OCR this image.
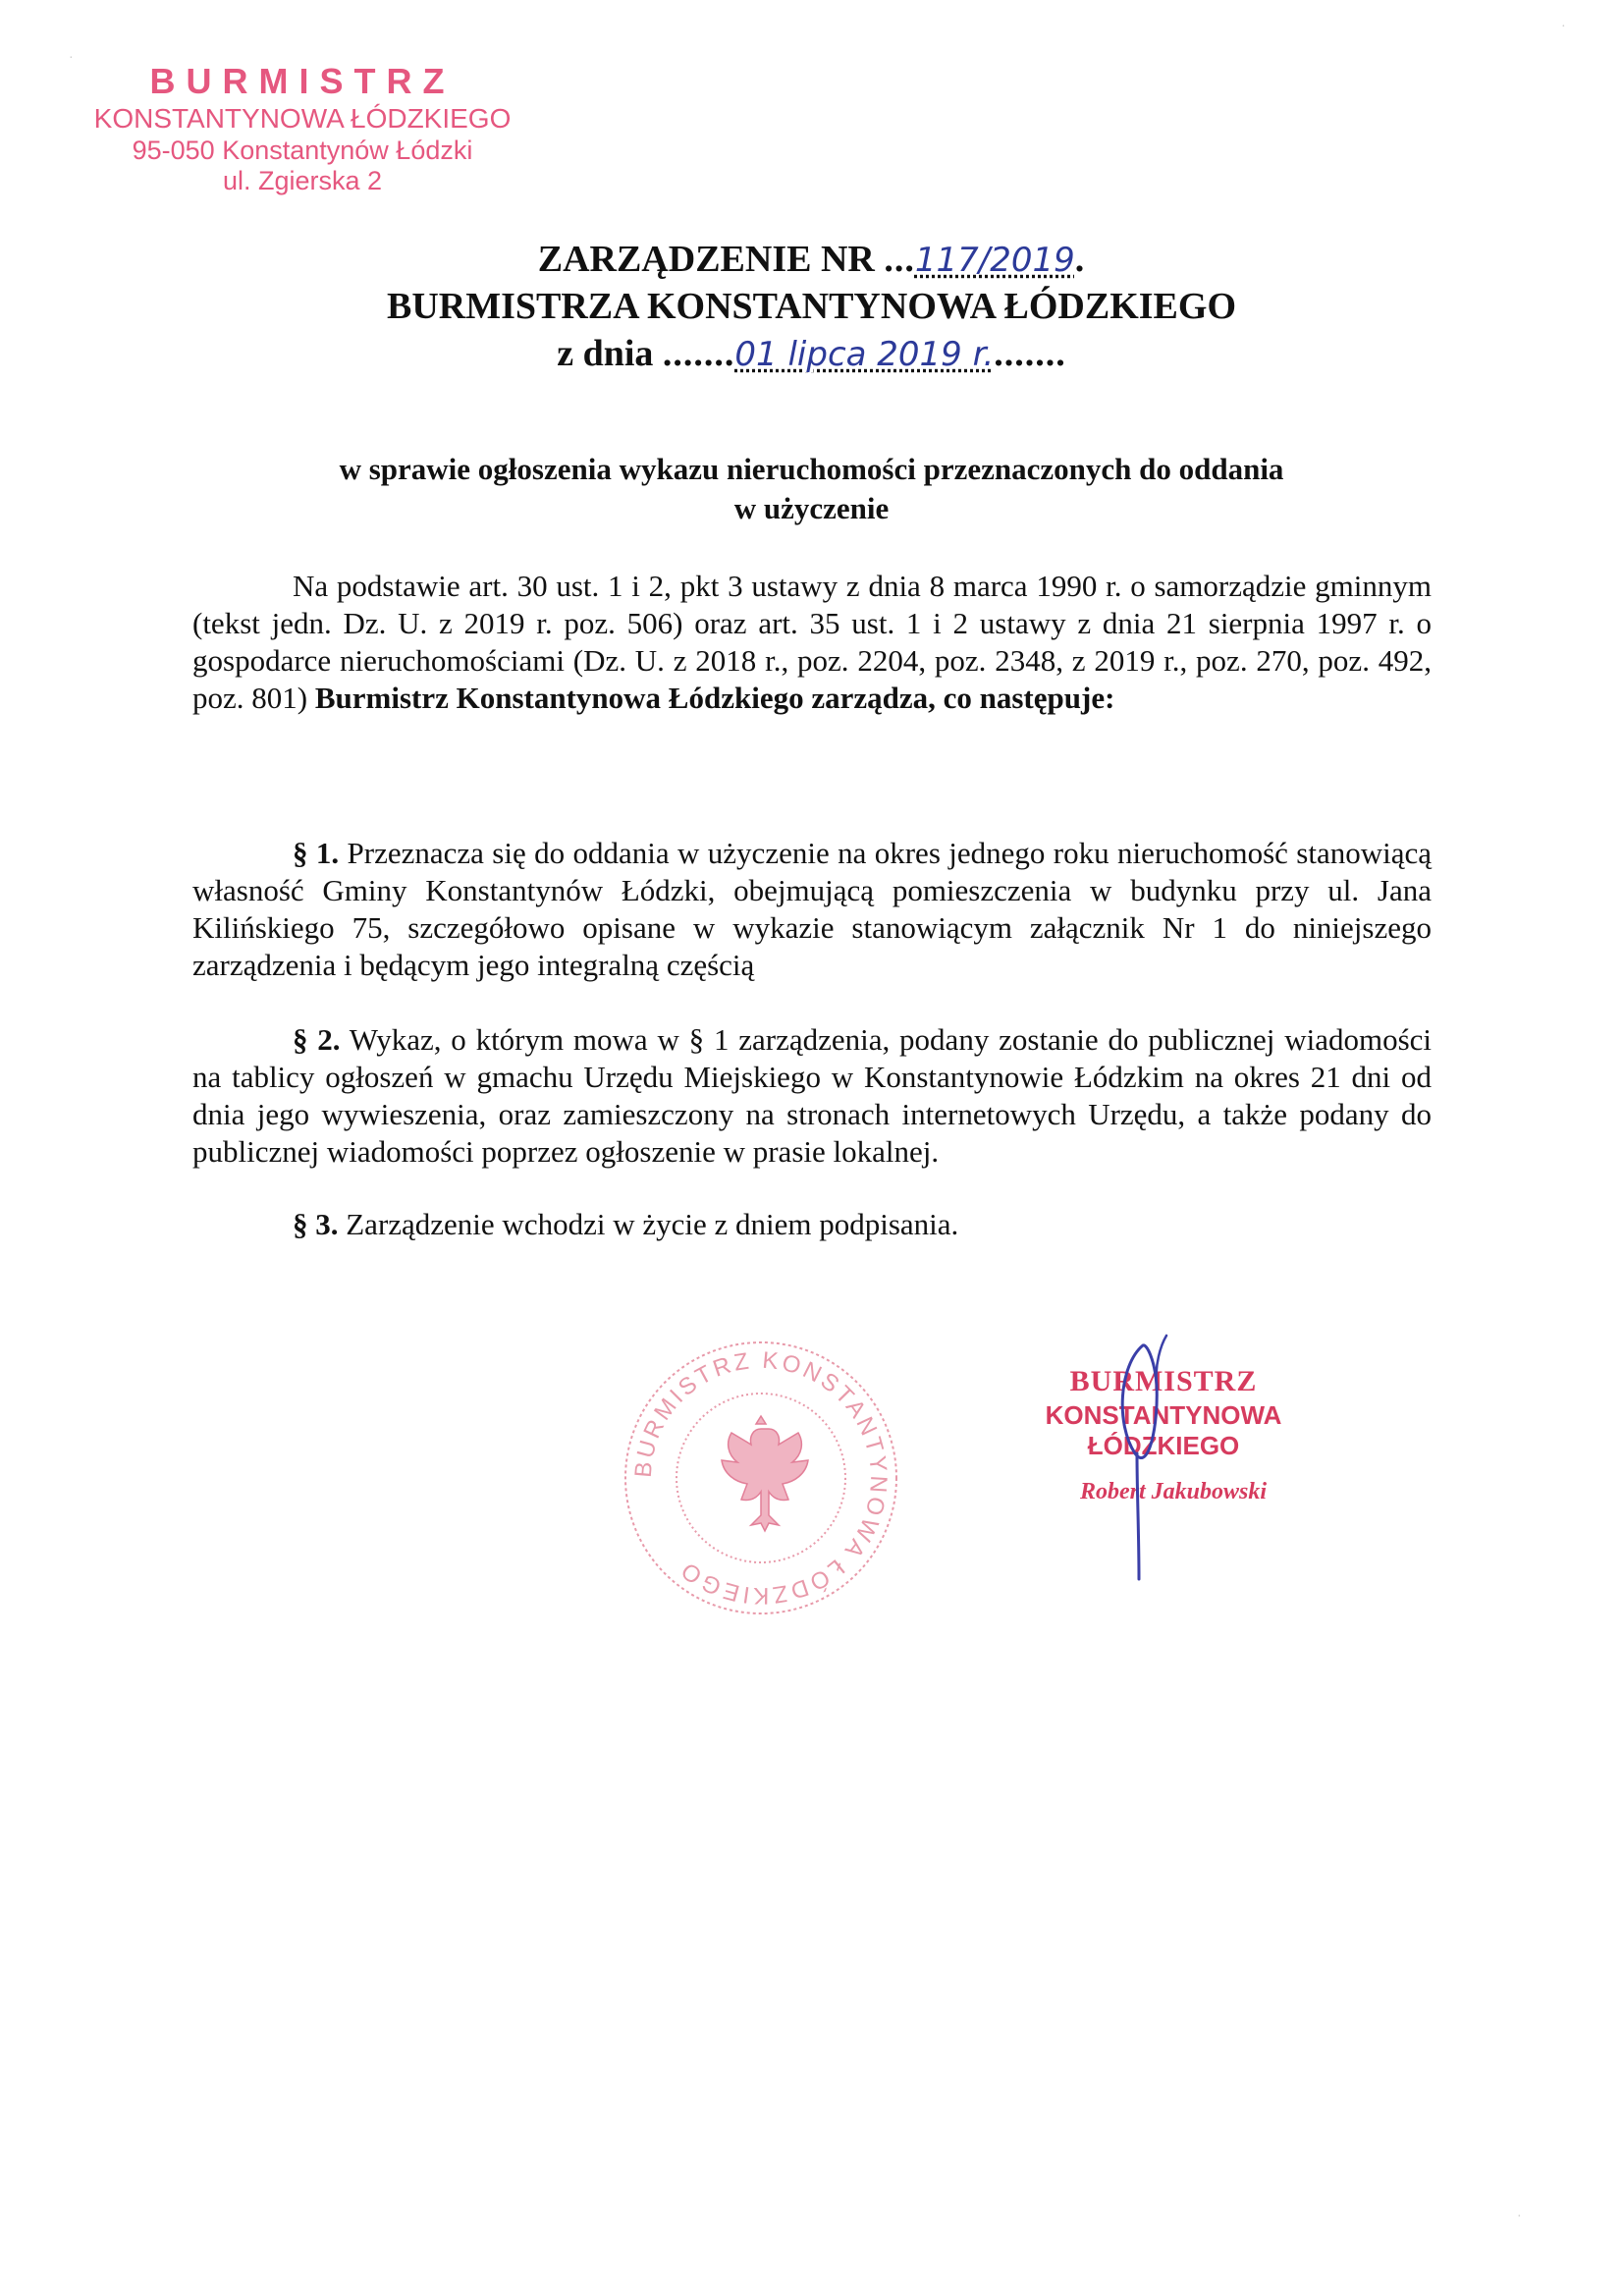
BURMISTRZ
KONSTANTYNOWA ŁÓDZKIEGO
95-050 Konstantynów Łódzki
ul. Zgierska 2
ZARZĄDZENIE NR ...117/2019.
BURMISTRZA KONSTANTYNOWA ŁÓDZKIEGO
z dnia .......01 lipca 2019 r........
w sprawie ogłoszenia wykazu nieruchomości przeznaczonych do oddania
w użyczenie
Na podstawie art. 30 ust. 1 i 2, pkt 3 ustawy z dnia 8 marca 1990 r. o samorządzie gminnym (tekst jedn. Dz. U. z 2019 r. poz. 506) oraz art. 35 ust. 1 i 2 ustawy z dnia 21 sierpnia 1997 r. o gospodarce nieruchomościami (Dz. U. z 2018 r., poz. 2204, poz. 2348, z 2019 r., poz. 270, poz. 492, poz. 801) Burmistrz Konstantynowa Łódzkiego zarządza, co następuje:
§ 1. Przeznacza się do oddania w użyczenie na okres jednego roku nieruchomość stanowiącą własność Gminy Konstantynów Łódzki, obejmującą pomieszczenia w budynku przy ul. Jana Kilińskiego 75, szczegółowo opisane w wykazie stanowiącym załącznik Nr 1 do niniejszego zarządzenia i będącym jego integralną częścią
§ 2. Wykaz, o którym mowa w § 1 zarządzenia, podany zostanie do publicznej wiadomości na tablicy ogłoszeń w gmachu Urzędu Miejskiego w Konstantynowie Łódzkim na okres 21 dni od dnia jego wywieszenia, oraz zamieszczony na stronach internetowych Urzędu, a także podany do publicznej wiadomości poprzez ogłoszenie w prasie lokalnej.
§ 3. Zarządzenie wchodzi w życie z dniem podpisania.
BURMISTRZ KONSTANTYNOWA ŁÓDZKIEGO
BURMISTRZ
KONSTANTYNOWA ŁÓDZKIEGO
Robert Jakubowski
·
·
·
